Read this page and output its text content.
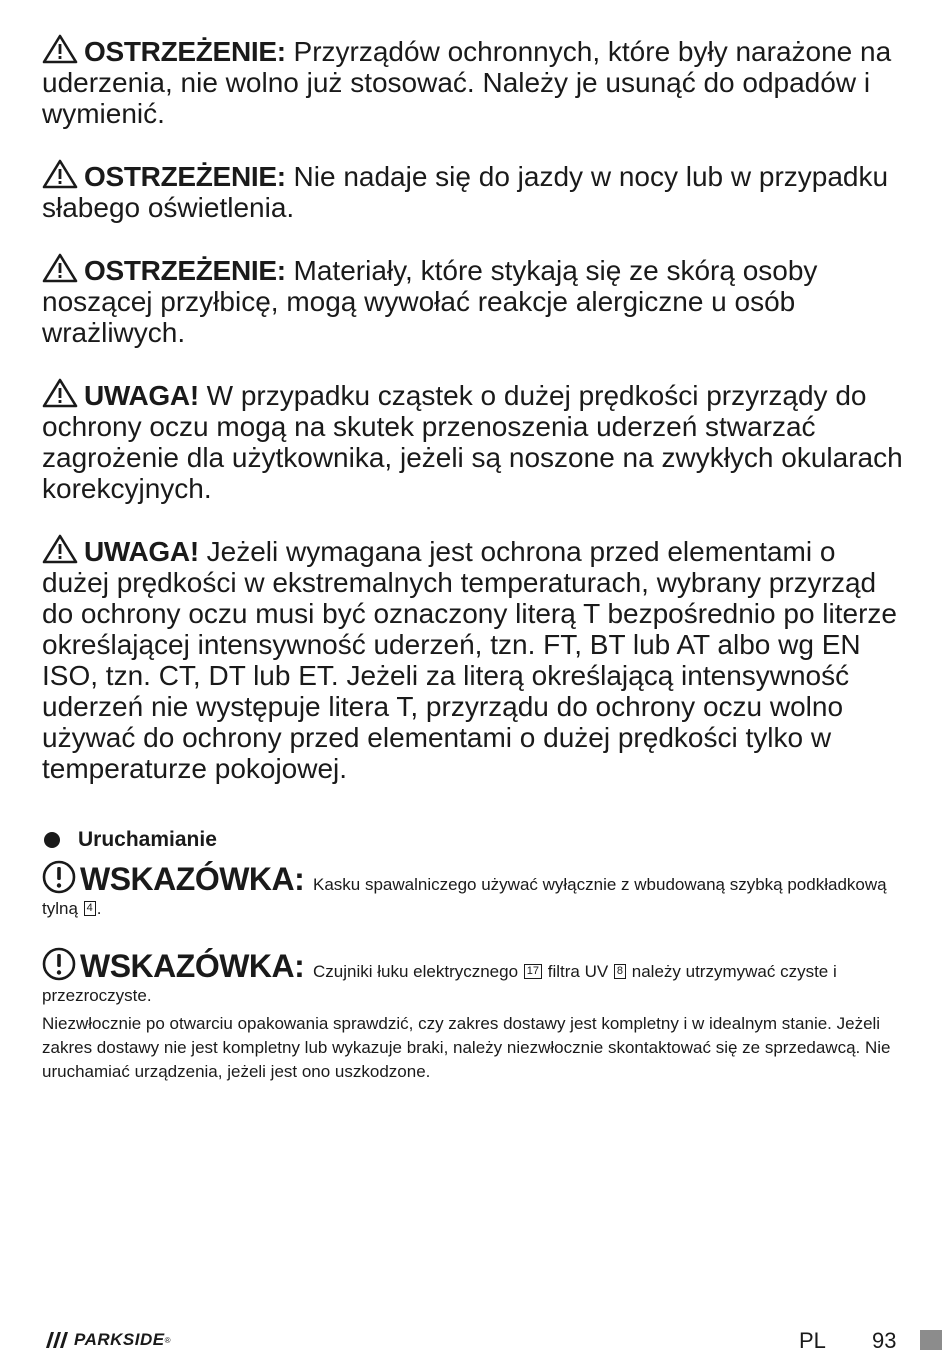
OSTRZEŻENIE: Przyrządów ochronnych, które były narażone na uderzenia, nie wolno już stosować. Należy je usunąć do odpadów i wymienić.

OSTRZEŻENIE: Nie nadaje się do jazdy w nocy lub w przypadku słabego oświetlenia.

OSTRZEŻENIE: Materiały, które stykają się ze skórą osoby noszącej przyłbicę, mogą wywołać reakcje alergiczne u osób wrażliwych.

UWAGA! W przypadku cząstek o dużej prędkości przyrządy do ochrony oczu mogą na skutek przenoszenia uderzeń stwarzać zagrożenie dla użytkownika, jeżeli są noszone na zwykłych okularach korekcyjnych.

UWAGA! Jeżeli wymagana jest ochrona przed elementami o dużej prędkości w ekstremalnych temperaturach, wybrany przyrząd do ochrony oczu musi być oznaczony literą T bezpośrednio po literze określającej intensywność uderzeń, tzn. FT, BT lub AT albo wg EN ISO, tzn. CT, DT lub ET. Jeżeli za literą określającą intensywność uderzeń nie występuje litera T, przyrządu do ochrony oczu wolno używać do ochrony przed elementami o dużej prędkości tylko w temperaturze pokojowej.

Uruchamianie

WSKAZÓWKA: Kasku spawalniczego używać wyłącznie z wbudowaną szybką podkładkową tylną 4 .

WSKAZÓWKA: Czujniki łuku elektrycznego 17 filtra UV 8 należy utrzymywać czyste i przezroczyste.

Niezwłocznie po otwarciu opakowania sprawdzić, czy zakres dostawy jest kompletny i w idealnym stanie. Jeżeli zakres dostawy nie jest kompletny lub wykazuje braki, należy niezwłocznie skontaktować się ze sprzedawcą. Nie uruchamiać urządzenia, jeżeli jest ono uszkodzone.

PARKSIDE ®	PL 93
